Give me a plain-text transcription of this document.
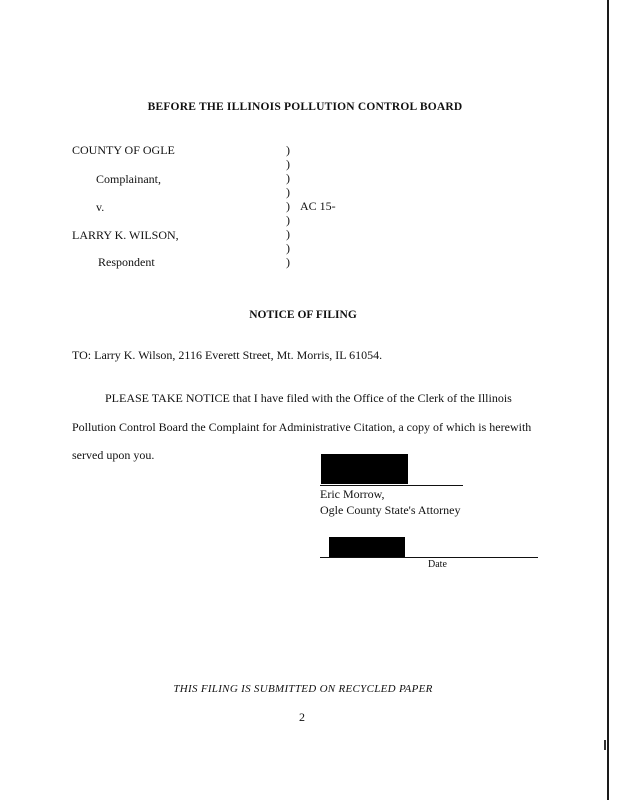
BEFORE THE ILLINOIS POLLUTION CONTROL BOARD
COUNTY OF OGLE
Complainant,
v.	AC 15-
LARRY K. WILSON,
Respondent
)
)
)
)
)
)
)
)
)
NOTICE OF FILING
TO: Larry K. Wilson, 2116 Everett Street, Mt. Morris, IL 61054.
PLEASE TAKE NOTICE that I have filed with the Office of the Clerk of the Illinois
Pollution Control Board the Complaint for Administrative Citation, a copy of which is herewith
served upon you.
Eric Morrow,
Ogle County State's Attorney
Date
THIS FILING IS SUBMITTED ON RECYCLED PAPER
2
